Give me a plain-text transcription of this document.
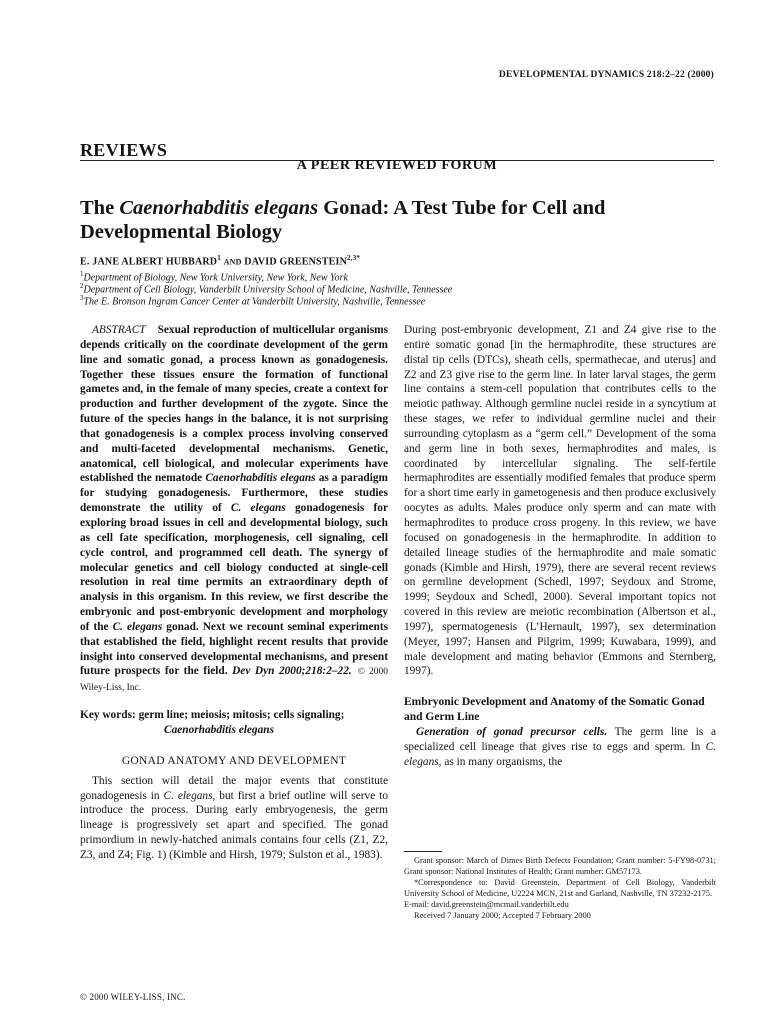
DEVELOPMENTAL DYNAMICS 218:2–22 (2000)
REVIEWS
A PEER REVIEWED FORUM
The Caenorhabditis elegans Gonad: A Test Tube for Cell and Developmental Biology
E. JANE ALBERT HUBBARD$^1$ AND DAVID $GREENSTEIN^{2,3*}$
$^1$Department of Biology, New York University, New York, New York
$^2$Department of Cell Biology, Vanderbilt University School of Medicine, Nashville, Tennessee
$^3$The E. Bronson Ingram Cancer Center at Vanderbilt University, Nashville, Tennessee

ABSTRACT Sexual reproduction of multicellular organisms depends critically on the coordinate development of the germ line and somatic gonad, a process known as gonadogenesis. Together these tissues ensure the formation of functional gametes and, in the female of many species, create a context for production and further development of the zygote. Since the future of the species hangs in the balance, it is not surprising that gonadogenesis is a complex process involving conserved and multi-faceted developmental mechanisms. Genetic, anatomical, cell biological, and molecular experiments have established the nematode Caenorhabditis elegans as a paradigm for studying gonadogenesis. Furthermore, these studies demonstrate the utility of C. elegans gonadogenesis for exploring broad issues in cell and developmental biology, such as cell fate specification, morphogenesis, cell signaling, cell cycle control, and programmed cell death. The synergy of molecular genetics and cell biology conducted at single-cell resolution in real time permits an extraordinary depth of analysis in this organism. In this review, we first describe the embryonic and post-embryonic development and morphology of the C. elegans gonad. Next we recount seminal experiments that established the field, highlight recent results that provide insight into conserved developmental mechanisms, and present future prospects for the field. Dev Dyn 2000;218:2–22. © 2000 Wiley-Liss, Inc.

Key words: germ line; meiosis; mitosis; cells signaling; Caenorhabditis elegans

GONAD ANATOMY AND DEVELOPMENT

This section will detail the major events that constitute gonadogenesis in C. elegans, but first a brief outline will serve to introduce the process. During early embryogenesis, the germ lineage is progressively set apart and specified. The gonad primordium in newly-hatched animals contains four cells (Z1, Z2, Z3, and Z4; Fig. 1) (Kimble and Hirsh, 1979; Sulston et al., 1983).

During post-embryonic development, Z1 and Z4 give rise to the entire somatic gonad [in the hermaphrodite, these structures are distal tip cells (DTCs), sheath cells, spermathecae, and uterus] and Z2 and Z3 give rise to the germ line. In later larval stages, the germ line contains a stem-cell population that contributes cells to the meiotic pathway. Although germline nuclei reside in a syncytium at these stages, we refer to individual germline nuclei and their surrounding cytoplasm as a “germ cell.” Development of the soma and germ line in both sexes, hermaphrodites and males, is coordinated by intercellular signaling. The self-fertile hermaphrodites are essentially modified females that produce sperm for a short time early in gametogenesis and then produce exclusively oocytes as adults. Males produce only sperm and can mate with hermaphrodites to produce cross progeny. In this review, we have focused on gonadogenesis in the hermaphrodite. In addition to detailed lineage studies of the hermaphrodite and male somatic gonads (Kimble and Hirsh, 1979), there are several recent reviews on germline development (Schedl, 1997; Seydoux and Strome, 1999; Seydoux and Schedl, 2000). Several important topics not covered in this review are meiotic recombination (Albertson et al., 1997), spermatogenesis (L’Hernault, 1997), sex determination (Meyer, 1997; Hansen and Pilgrim, 1999; Kuwabara, 1999), and male development and mating behavior (Emmons and Sternberg, 1997).

Embryonic Development and Anatomy of the Somatic Gonad and Germ Line

Generation of gonad precursor cells. The germ line is a specialized cell lineage that gives rise to eggs and sperm. In C. elegans, as in many organisms, the

Grant sponsor: March of Dimes Birth Defects Foundation; Grant number: 5-FY98-0731; Grant sponsor: National Institutes of Health; Grant number: GM57173.

*Correspondence to: David Greenstein, Department of Cell Biology, Vanderbilt University School of Medicine, U2224 MCN, 21st and Garland, Nashville, TN 37232-2175.

E-mail: david.greenstein@mcmail.vanderbilt.edu

Received 7 January 2000; Accepted 7 February 2000

© 2000 WILEY-LISS, INC.
